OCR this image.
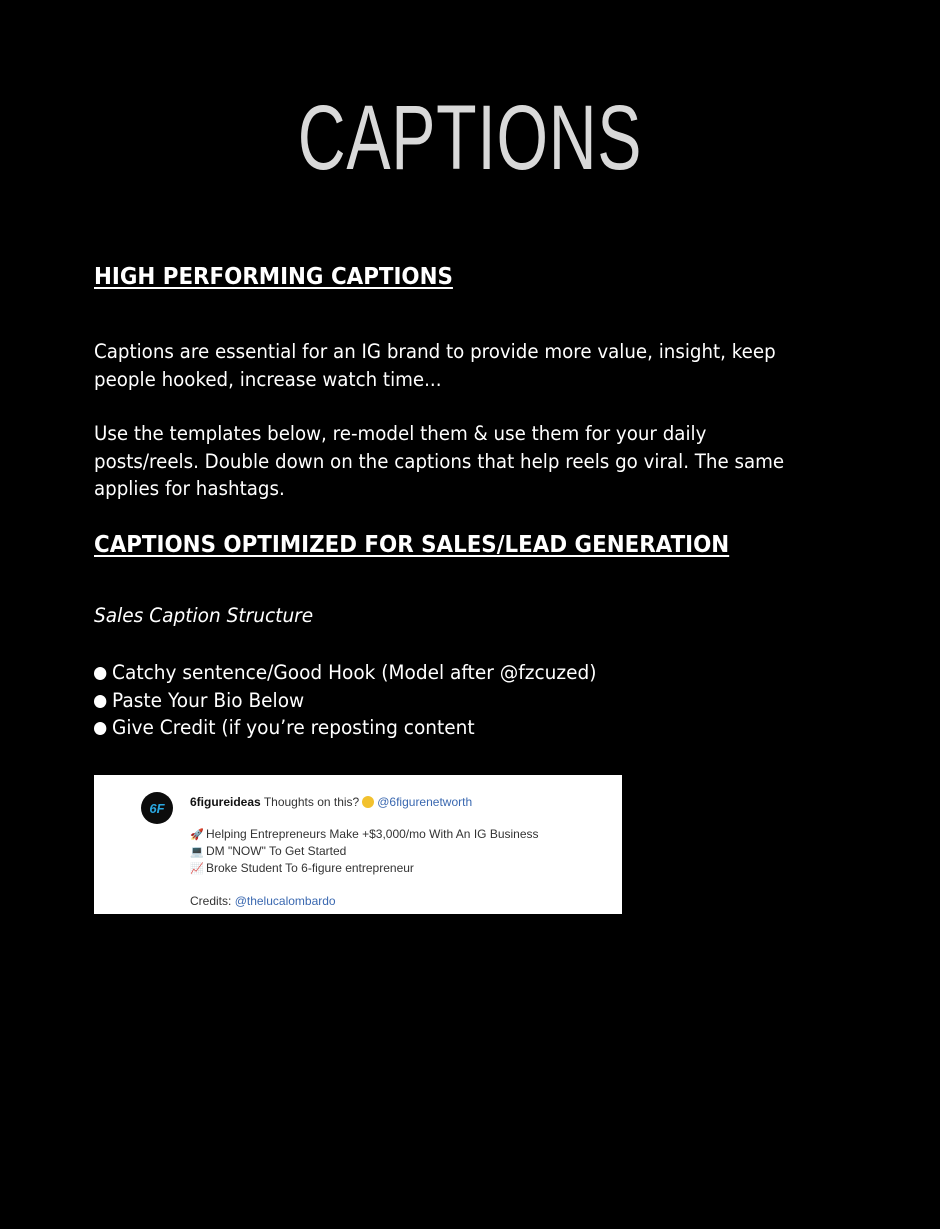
CAPTIONS
HIGH PERFORMING CAPTIONS
Captions are essential for an IG brand to provide more value, insight, keep people hooked, increase watch time...
Use the templates below, re-model them & use them for your daily posts/reels. Double down on the captions that help reels go viral. The same applies for hashtags.
CAPTIONS OPTIMIZED FOR SALES/LEAD GENERATION
Sales Caption Structure
Catchy sentence/Good Hook (Model after @fzcuzed)
Paste Your Bio Below
Give Credit (if you’re reposting content
6F 6figureideas Thoughts on this? @6figurenetworth
🚀 Helping Entrepreneurs Make +$3,000/mo With An IG Business
💻 DM "NOW" To Get Started
📈 Broke Student To 6-figure entrepreneur
Credits: @thelucalombardo
